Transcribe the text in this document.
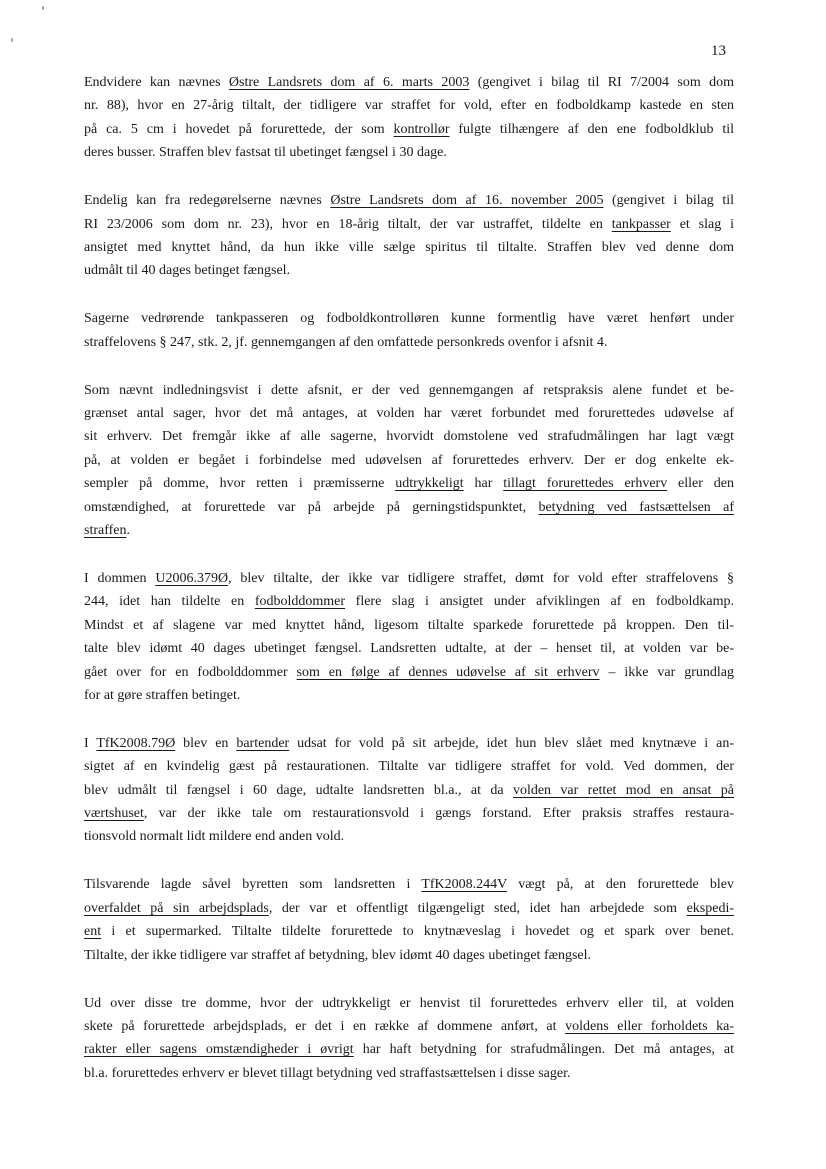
13

Endvidere kan nævnes Østre Landsrets dom af 6. marts 2003 (gengivet i bilag til RI 7/2004 som dom
nr. 88), hvor en 27-årig tiltalt, der tidligere var straffet for vold, efter en fodboldkamp kastede en sten
på ca. 5 cm i hovedet på forurettede, der som kontrollør fulgte tilhængere af den ene fodboldklub til
deres busser. Straffen blev fastsat til ubetinget fængsel i 30 dage.

Endelig kan fra redegørelserne nævnes Østre Landsrets dom af 16. november 2005 (gengivet i bilag til
RI 23/2006 som dom nr. 23), hvor en 18-årig tiltalt, der var ustraffet, tildelte en tankpasser et slag i
ansigtet med knyttet hånd, da hun ikke ville sælge spiritus til tiltalte. Straffen blev ved denne dom
udmålt til 40 dages betinget fængsel.

Sagerne vedrørende tankpasseren og fodboldkontrolløren kunne formentlig have været henført under
straffelovens § 247, stk. 2, jf. gennemgangen af den omfattede personkreds ovenfor i afsnit 4.

Som nævnt indledningsvist i dette afsnit, er der ved gennemgangen af retspraksis alene fundet et be-
grænset antal sager, hvor det må antages, at volden har været forbundet med forurettedes udøvelse af
sit erhverv. Det fremgår ikke af alle sagerne, hvorvidt domstolene ved strafudmålingen har lagt vægt
på, at volden er begået i forbindelse med udøvelsen af forurettedes erhverv. Der er dog enkelte ek-
sempler på domme, hvor retten i præmisserne udtrykkeligt har tillagt forurettedes erhverv eller den
omstændighed, at forurettede var på arbejde på gerningstidspunktet, betydning ved fastsættelsen af
straffen.

I dommen U2006.379Ø, blev tiltalte, der ikke var tidligere straffet, dømt for vold efter straffelovens §
244, idet han tildelte en fodbolddommer flere slag i ansigtet under afviklingen af en fodboldkamp.
Mindst et af slagene var med knyttet hånd, ligesom tiltalte sparkede forurettede på kroppen. Den til-
talte blev idømt 40 dages ubetinget fængsel. Landsretten udtalte, at der – henset til, at volden var be-
gået over for en fodbolddommer som en følge af dennes udøvelse af sit erhverv – ikke var grundlag
for at gøre straffen betinget.

I TfK2008.79Ø blev en bartender udsat for vold på sit arbejde, idet hun blev slået med knytnæve i an-
sigtet af en kvindelig gæst på restaurationen. Tiltalte var tidligere straffet for vold. Ved dommen, der
blev udmålt til fængsel i 60 dage, udtalte landsretten bl.a., at da volden var rettet mod en ansat på
værtshuset, var der ikke tale om restaurationsvold i gængs forstand. Efter praksis straffes restaura-
tionsvold normalt lidt mildere end anden vold.

Tilsvarende lagde såvel byretten som landsretten i TfK2008.244V vægt på, at den forurettede blev
overfaldet på sin arbejdsplads, der var et offentligt tilgængeligt sted, idet han arbejdede som ekspedi-
ent i et supermarked. Tiltalte tildelte forurettede to knytnæveslag i hovedet og et spark over benet.
Tiltalte, der ikke tidligere var straffet af betydning, blev idømt 40 dages ubetinget fængsel.

Ud over disse tre domme, hvor der udtrykkeligt er henvist til forurettedes erhverv eller til, at volden
skete på forurettede arbejdsplads, er det i en række af dommene anført, at voldens eller forholdets ka-
rakter eller sagens omstændigheder i øvrigt har haft betydning for strafudmålingen. Det må antages, at
bl.a. forurettedes erhverv er blevet tillagt betydning ved straffastsættelsen i disse sager.
